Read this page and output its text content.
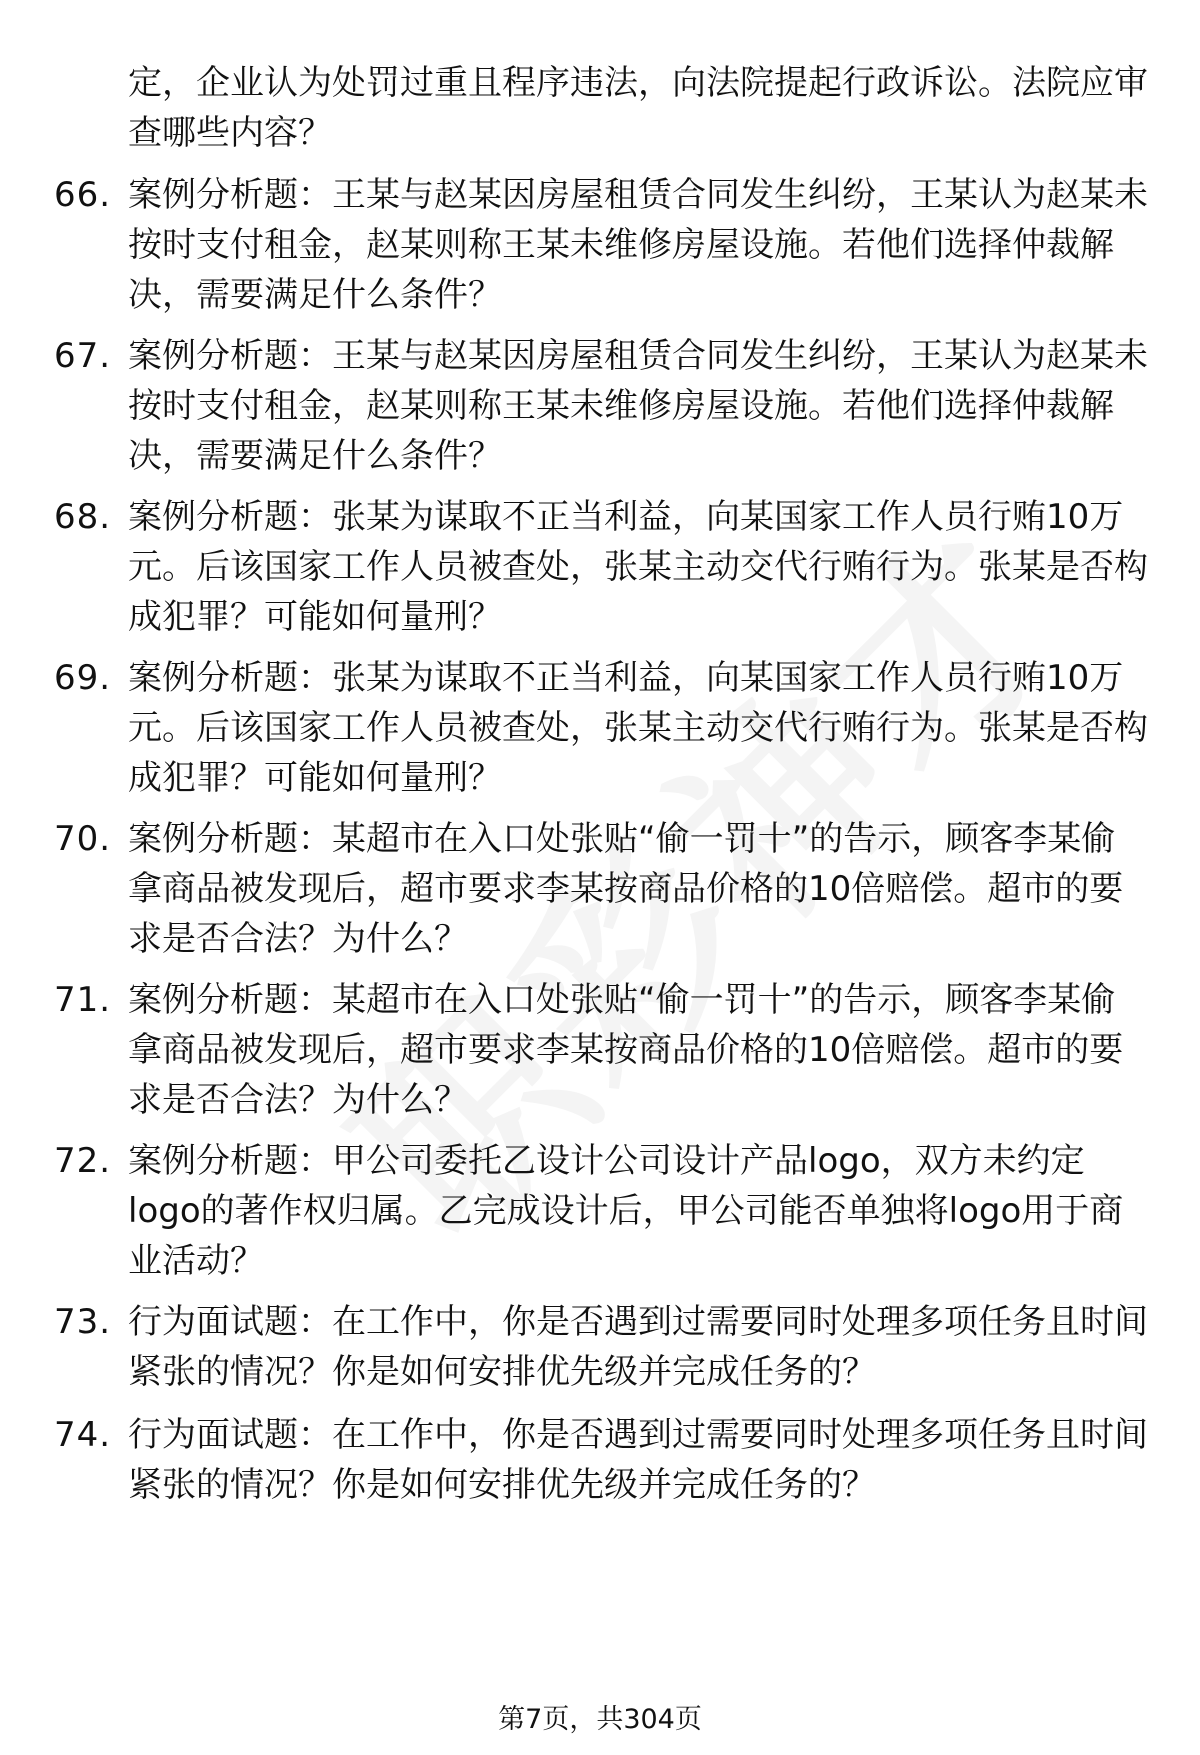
定，企业认为处罚过重且程序违法，向法院提起行政诉讼。法院应审查哪些内容？

66. 案例分析题：王某与赵某因房屋租赁合同发生纠纷，王某认为赵某未按时支付租金，赵某则称王某未维修房屋设施。若他们选择仲裁解决，需要满足什么条件？

67. 案例分析题：王某与赵某因房屋租赁合同发生纠纷，王某认为赵某未按时支付租金，赵某则称王某未维修房屋设施。若他们选择仲裁解决，需要满足什么条件？

68. 案例分析题：张某为谋取不正当利益，向某国家工作人员行贿10万元。后该国家工作人员被查处，张某主动交代行贿行为。张某是否构成犯罪？可能如何量刑？

69. 案例分析题：张某为谋取不正当利益，向某国家工作人员行贿10万元。后该国家工作人员被查处，张某主动交代行贿行为。张某是否构成犯罪？可能如何量刑？

70. 案例分析题：某超市在入口处张贴“偷一罚十”的告示，顾客李某偷拿商品被发现后，超市要求李某按商品价格的10倍赔偿。超市的要求是否合法？为什么？

71. 案例分析题：某超市在入口处张贴“偷一罚十”的告示，顾客李某偷拿商品被发现后，超市要求李某按商品价格的10倍赔偿。超市的要求是否合法？为什么？

72. 案例分析题：甲公司委托乙设计公司设计产品logo，双方未约定logo的著作权归属。乙完成设计后，甲公司能否单独将logo用于商业活动？

73. 行为面试题：在工作中，你是否遇到过需要同时处理多项任务且时间紧张的情况？你是如何安排优先级并完成任务的？

74. 行为面试题：在工作中，你是否遇到过需要同时处理多项任务且时间紧张的情况？你是如何安排优先级并完成任务的？

第7页，共304页
